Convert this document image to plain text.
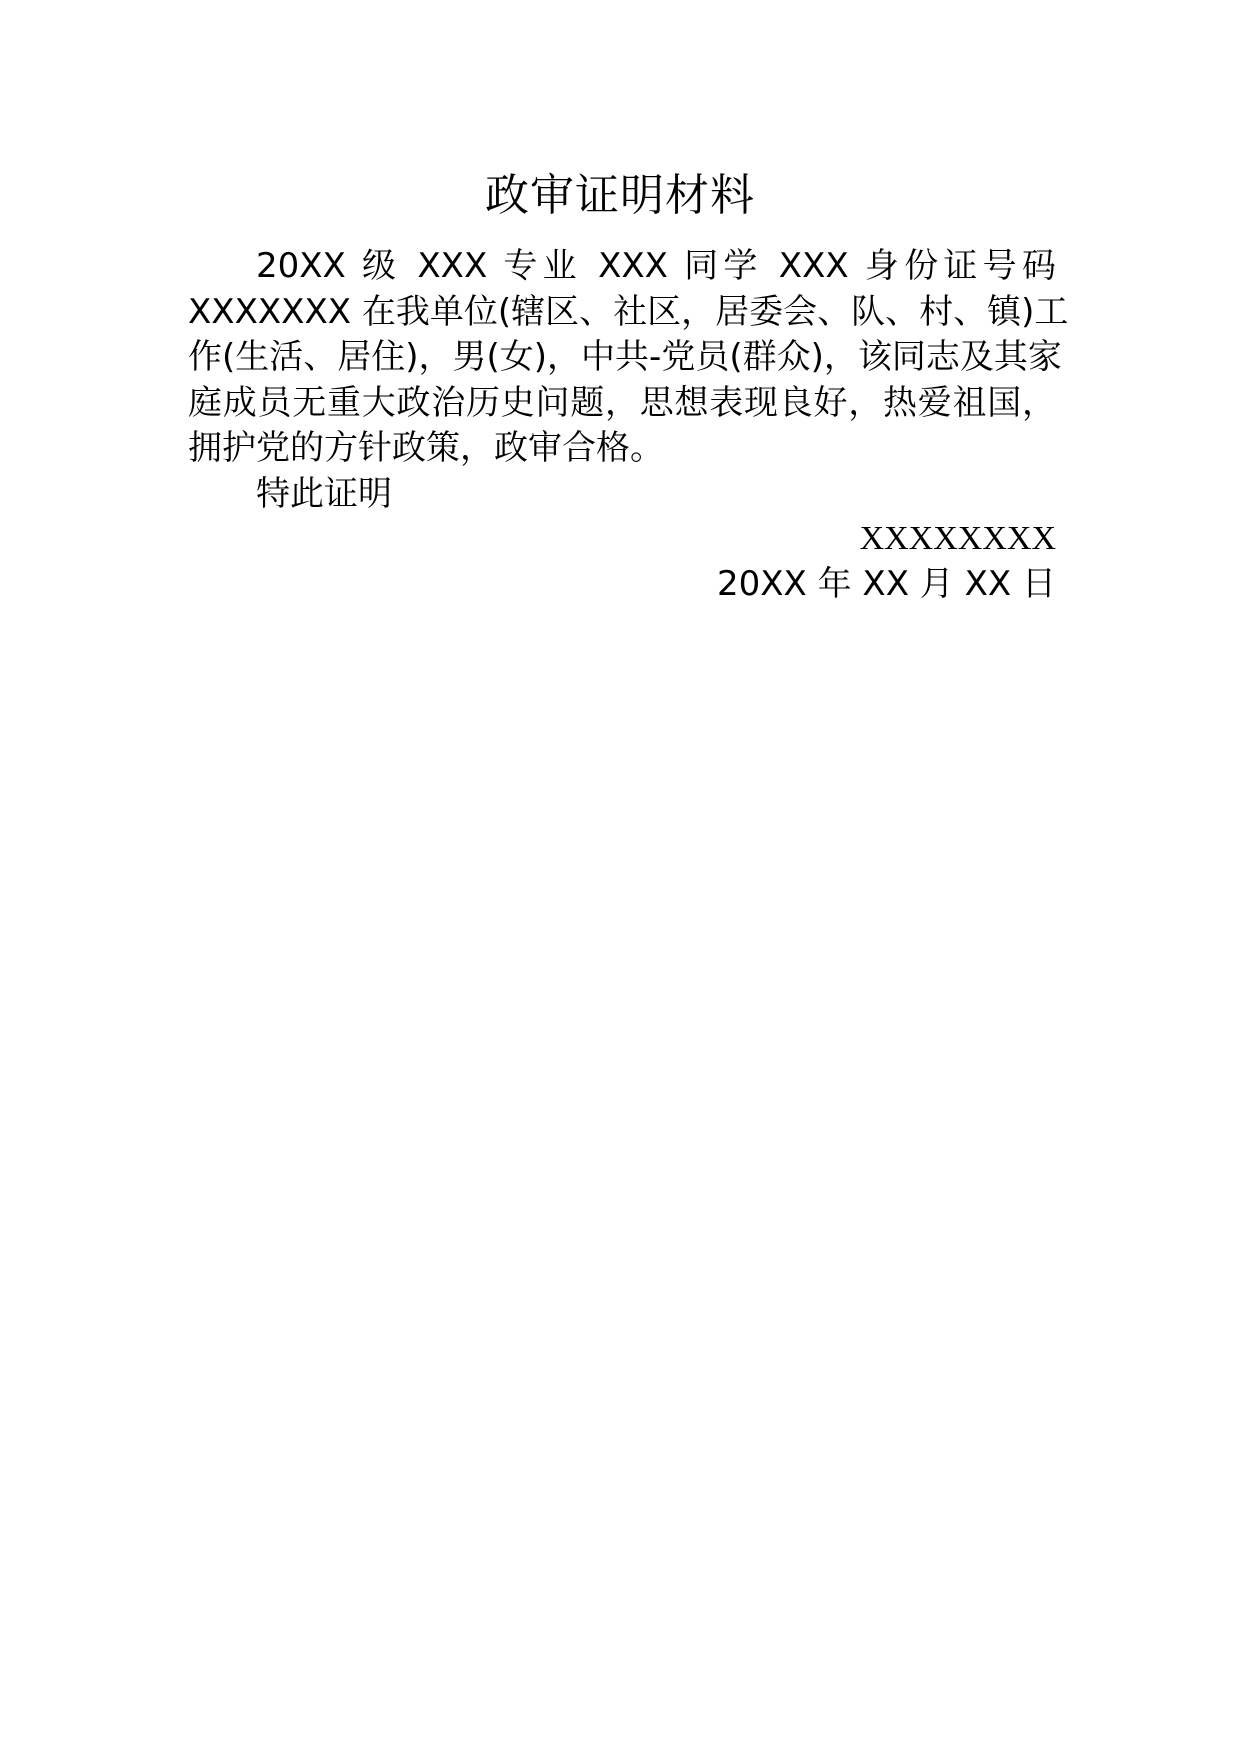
政审证明材料
20XX 级 XXX 专业 XXX 同学 XXX 身份证号码
XXXXXXX 在我单位(辖区、社区，居委会、队、村、镇)工
作(生活、居住)，男(女)，中共-党员(群众)，该同志及其家
庭成员无重大政治历史问题，思想表现良好，热爱祖国，
拥护党的方针政策，政审合格。
特此证明
XXXXXXXX
20XX 年 XX 月 XX 日
